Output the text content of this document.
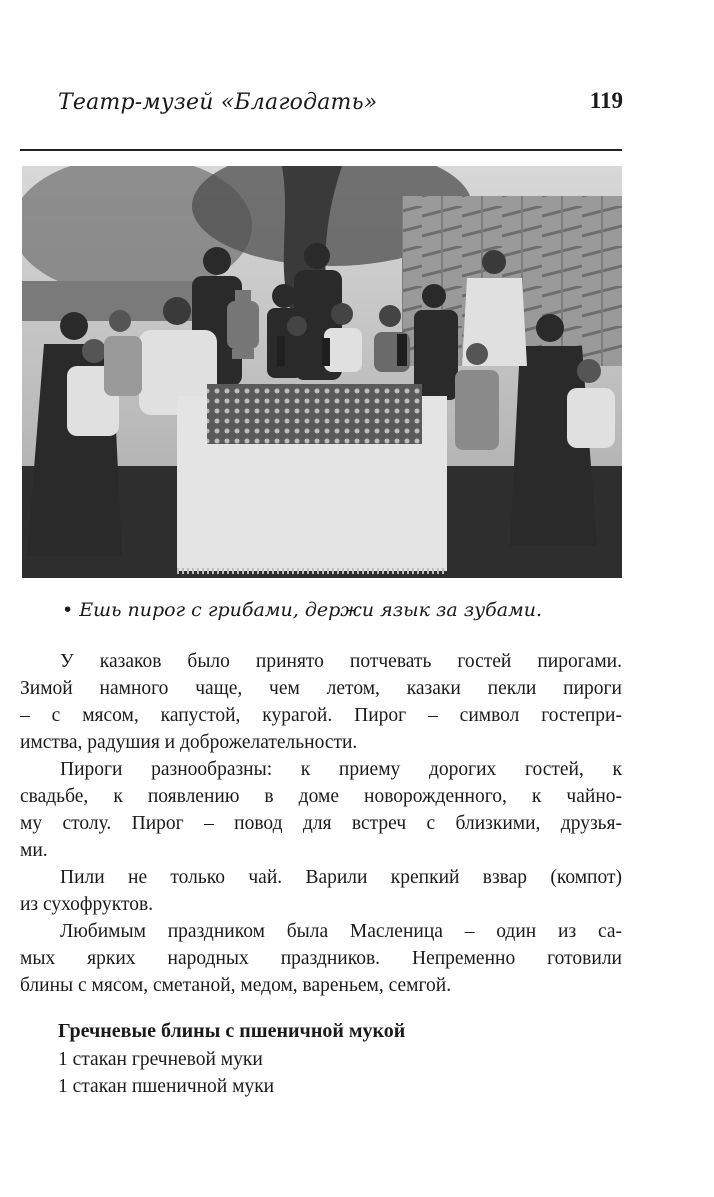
Театр-музей «Благодать»	119
• Ешь пирог с грибами, держи язык за зубами.
У казаков было принято потчевать гостей пирогами.
Зимой намного чаще, чем летом, казаки пекли пироги
– с мясом, капустой, курагой. Пирог – символ гостепри-
имства, радушия и доброжелательности.
Пироги разнообразны: к приему дорогих гостей, к
свадьбе, к появлению в доме новорожденного, к чайно-
му столу. Пирог – повод для встреч с близкими, друзья-
ми.
Пили не только чай. Варили крепкий взвар (компот)
из сухофруктов.
Любимым праздником была Масленица – один из са-
мых ярких народных праздников. Непременно готовили
блины с мясом, сметаной, медом, вареньем, семгой.
Гречневые блины с пшеничной мукой
1 стакан гречневой муки
1 стакан пшеничной муки
